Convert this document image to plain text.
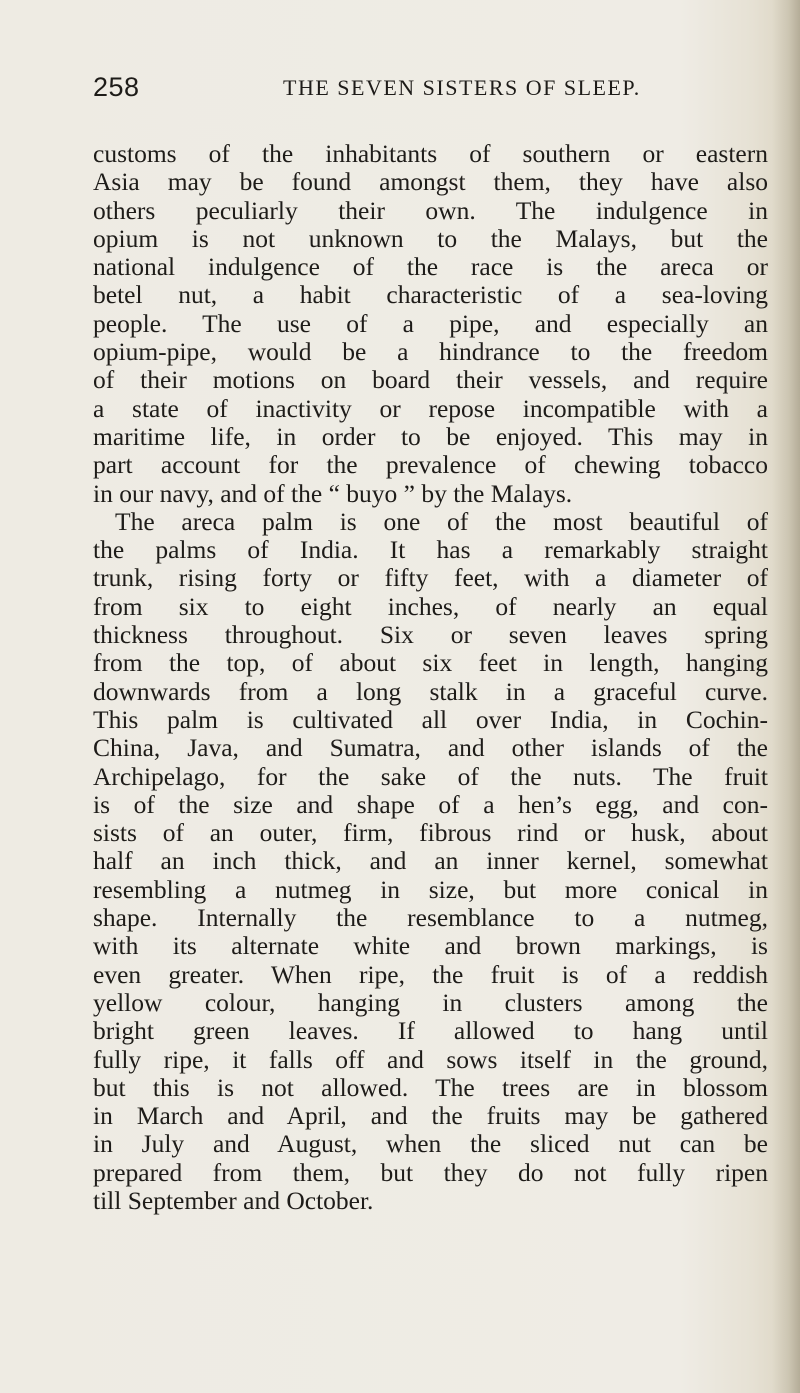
258	THE SEVEN SISTERS OF SLEEP.
customs of the inhabitants of southern or eastern
Asia may be found amongst them, they have also
others peculiarly their own. The indulgence in
opium is not unknown to the Malays, but the
national indulgence of the race is the areca or
betel nut, a habit characteristic of a sea-loving
people. The use of a pipe, and especially an
opium-pipe, would be a hindrance to the freedom
of their motions on board their vessels, and require
a state of inactivity or repose incompatible with a
maritime life, in order to be enjoyed. This may in
part account for the prevalence of chewing tobacco
in our navy, and of the “ buyo ” by the Malays.
The areca palm is one of the most beautiful of
the palms of India. It has a remarkably straight
trunk, rising forty or fifty feet, with a diameter of
from six to eight inches, of nearly an equal
thickness throughout. Six or seven leaves spring
from the top, of about six feet in length, hanging
downwards from a long stalk in a graceful curve.
This palm is cultivated all over India, in Cochin-
China, Java, and Sumatra, and other islands of the
Archipelago, for the sake of the nuts. The fruit
is of the size and shape of a hen’s egg, and con-
sists of an outer, firm, fibrous rind or husk, about
half an inch thick, and an inner kernel, somewhat
resembling a nutmeg in size, but more conical in
shape. Internally the resemblance to a nutmeg,
with its alternate white and brown markings, is
even greater. When ripe, the fruit is of a reddish
yellow colour, hanging in clusters among the
bright green leaves. If allowed to hang until
fully ripe, it falls off and sows itself in the ground,
but this is not allowed. The trees are in blossom
in March and April, and the fruits may be gathered
in July and August, when the sliced nut can be
prepared from them, but they do not fully ripen
till September and October.
